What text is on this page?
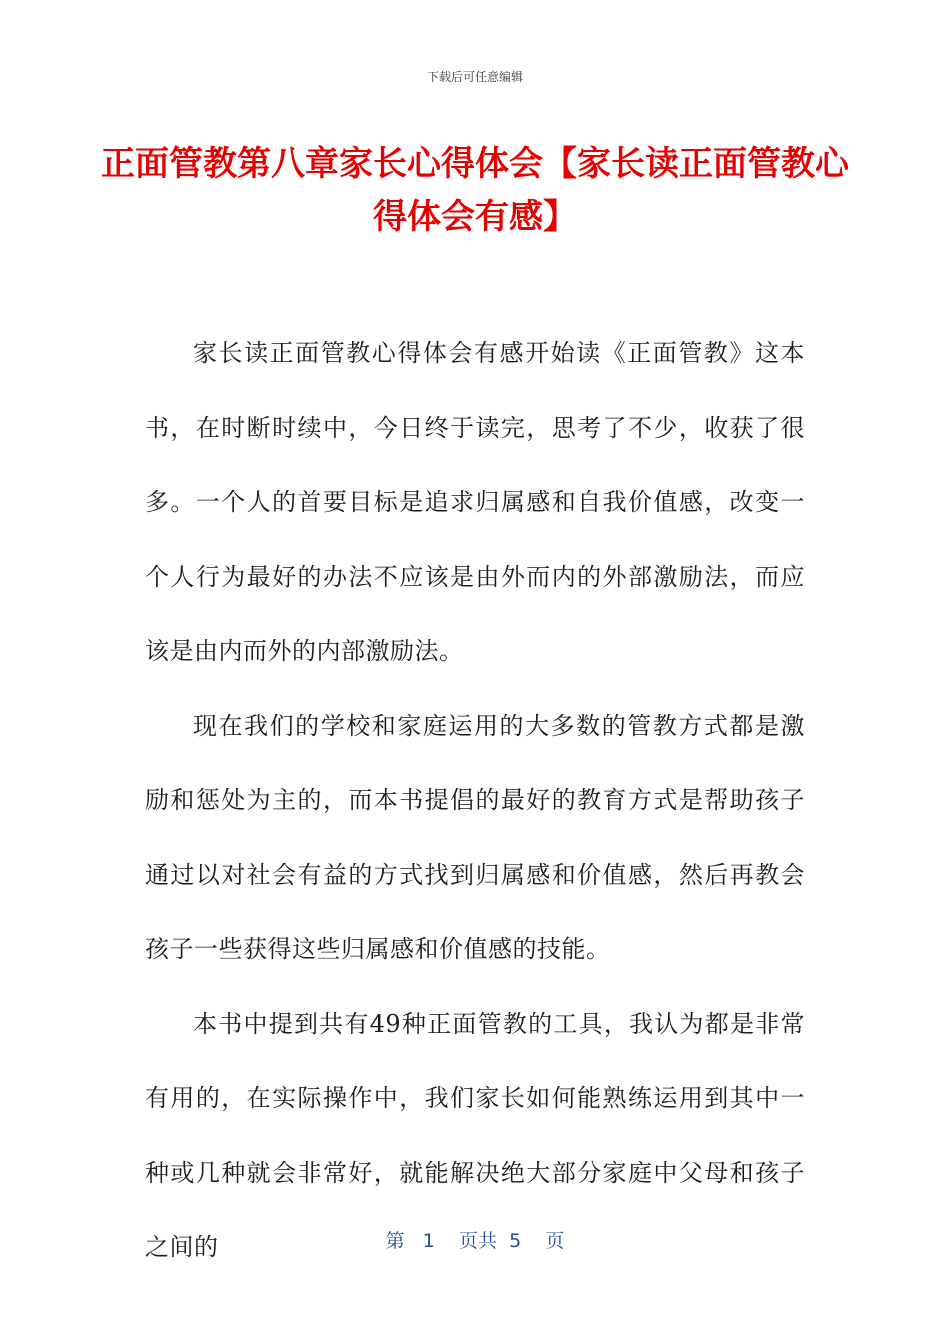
下载后可任意编辑
正面管教第八章家长心得体会【家长读正面管教心得体会有感】

家长读正面管教心得体会有感开始读《正面管教》这本书，在时断时续中，今日终于读完，思考了不少，收获了很多。一个人的首要目标是追求归属感和自我价值感，改变一个人行为最好的办法不应该是由外而内的外部激励法，而应该是由内而外的内部激励法。

现在我们的学校和家庭运用的大多数的管教方式都是激励和惩处为主的，而本书提倡的最好的教育方式是帮助孩子通过以对社会有益的方式找到归属感和价值感，然后再教会孩子一些获得这些归属感和价值感的技能。

本书中提到共有49种正面管教的工具，我认为都是非常有用的，在实际操作中，我们家长如何能熟练运用到其中一种或几种就会非常好，就能解决绝大部分家庭中父母和孩子之间的	第 1 页共 5 页
